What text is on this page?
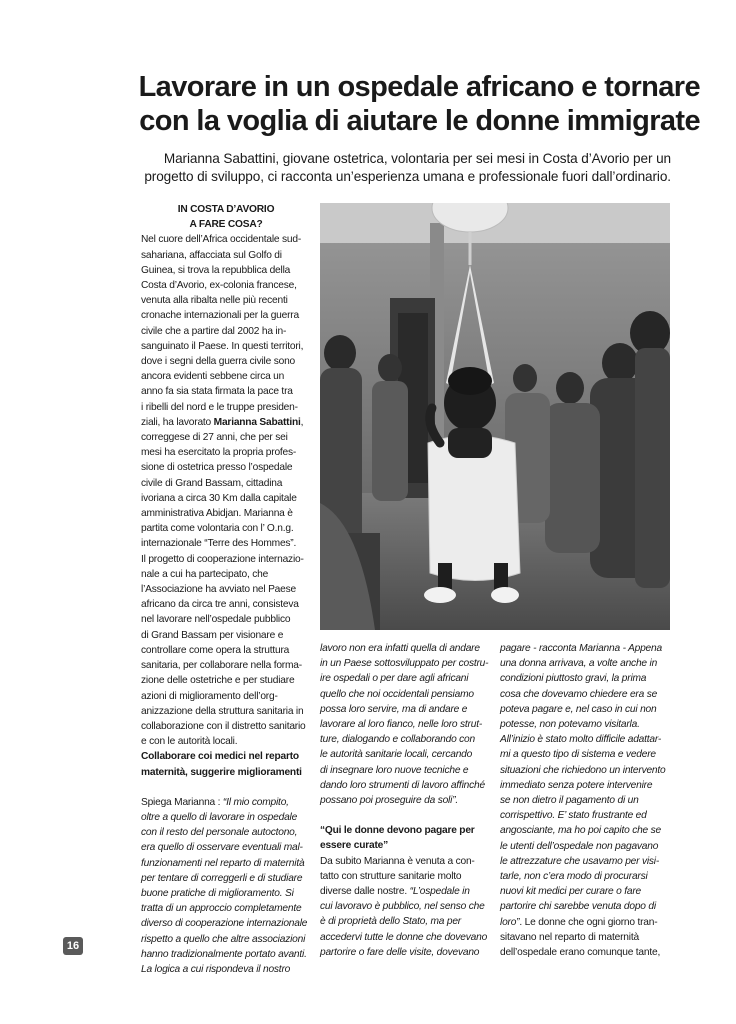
Lavorare in un ospedale africano e tornare
con la voglia di aiutare le donne immigrate

Marianna Sabattini, giovane ostetrica, volontaria per sei mesi in Costa d’Avorio per un
progetto di sviluppo, ci racconta un’esperienza umana e professionale fuori dall’ordinario.

IN COSTA D’AVORIO

A FARE COSA?

Nel cuore dell’Africa occidentale sud-

sahariana, affacciata sul Golfo di

Guinea, si trova la repubblica della

Costa d’Avorio, ex-colonia francese,

venuta alla ribalta nelle più recenti

cronache internazionali per la guerra

civile che a partire dal 2002 ha in-

sanguinato il Paese. In questi territori,

dove i segni della guerra civile sono

ancora evidenti sebbene circa un

anno fa sia stata firmata la pace tra

i ribelli del nord e le truppe presiden-

ziali, ha lavorato Marianna Sabattini,

correggese di 27 anni, che per sei

mesi ha esercitato la propria profes-

sione di ostetrica presso l’ospedale

civile di Grand Bassam, cittadina

ivoriana a circa 30 Km dalla capitale

amministrativa Abidjan. Marianna è

partita come volontaria con l’ O.n.g.

internazionale “Terre des Hommes”.

Il progetto di cooperazione internazio-

nale a cui ha partecipato, che

l’Associazione ha avviato nel Paese

africano da circa tre anni, consisteva

nel lavorare nell’ospedale pubblico

di Grand Bassam per visionare e

controllare come opera la struttura

sanitaria, per collaborare nella forma-

zione delle ostetriche e per studiare

azioni di miglioramento dell’org-

anizzazione della struttura sanitaria in

collaborazione con il distretto sanitario

e con le autorità locali.

Collaborare coi medici nel reparto

maternità, suggerire miglioramenti

Spiega Marianna : “Il mio compito,

oltre a quello di lavorare in ospedale

con il resto del personale autoctono,

era quello di osservare eventuali mal-

funzionamenti nel reparto di maternità

per tentare di correggerli e di studiare

buone pratiche di miglioramento. Si

tratta di un approccio completamente

diverso di cooperazione internazionale

rispetto a quello che altre associazioni

hanno tradizionalmente portato avanti.

La logica a cui rispondeva il nostro

lavoro non era infatti quella di andare

in un Paese sottosviluppato per costru-

ire ospedali o per dare agli africani

quello che noi occidentali pensiamo

possa loro servire, ma di andare e

lavorare al loro fianco, nelle loro strut-

ture, dialogando e collaborando con

le autorità sanitarie locali, cercando

di insegnare loro nuove tecniche e

dando loro strumenti di lavoro affinché

possano poi proseguire da soli”.

“Qui le donne devono pagare per

essere curate”

Da subito Marianna è venuta a con-

tatto con strutture sanitarie molto

diverse dalle nostre. “L’ospedale in

cui lavoravo è pubblico, nel senso che

è di proprietà dello Stato, ma per

accedervi tutte le donne che dovevano

partorire o fare delle visite, dovevano

pagare - racconta Marianna - Appena

una donna arrivava, a volte anche in

condizioni piuttosto gravi, la prima

cosa che dovevamo chiedere era se

poteva pagare e, nel caso in cui non

potesse, non potevamo visitarla.

All’inizio è stato molto difficile adattar-

mi a questo tipo di sistema e vedere

situazioni che richiedono un intervento

immediato senza potere intervenire

se non dietro il pagamento di un

corrispettivo. E’ stato frustrante ed

angosciante, ma ho poi capito che se

le utenti dell’ospedale non pagavano

le attrezzature che usavamo per visi-

tarle, non c’era modo di procurarsi

nuovi kit medici per curare o fare

partorire chi sarebbe venuta dopo di

loro”. Le donne che ogni giorno tran-

sitavano nel reparto di maternità

dell’ospedale erano comunque tante,

16
